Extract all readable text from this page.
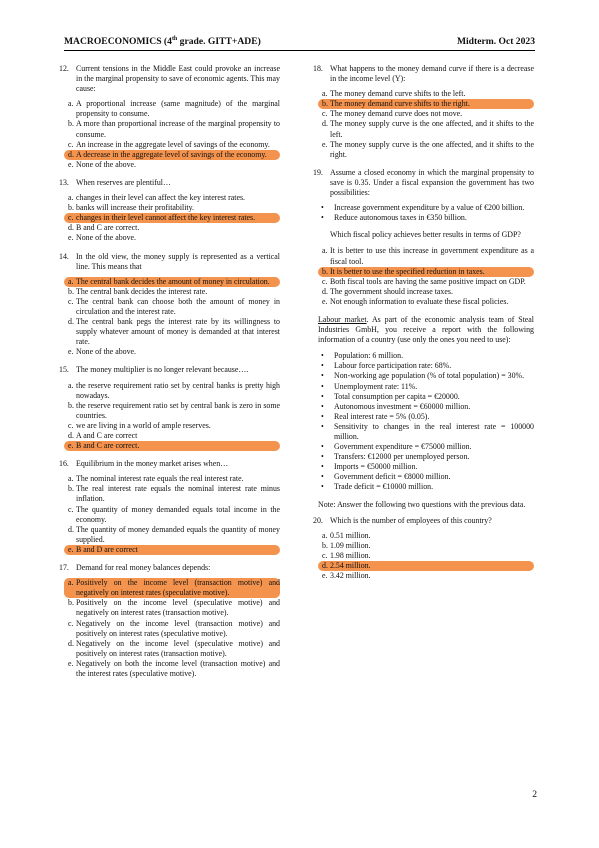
MACROECONOMICS (4th grade. GITT+ADE)	Midterm. Oct 2023
12. Current tensions in the Middle East could provoke an increase in the marginal propensity to save of economic agents. This may cause:
a. A proportional increase (same magnitude) of the marginal propensity to consume.
b. A more than proportional increase of the marginal propensity to consume.
c. An increase in the aggregate level of savings of the economy.
d. A decrease in the aggregate level of savings of the economy.
e. None of the above.
13. When reserves are plentiful…
a. changes in their level can affect the key interest rates.
b. banks will increase their profitability.
c. changes in their level cannot affect the key interest rates.
d. B and C are correct.
e. None of the above.
14. In the old view, the money supply is represented as a vertical line. This means that
a. The central bank decides the amount of money in circulation.
b. The central bank decides the interest rate.
c. The central bank can choose both the amount of money in circulation and the interest rate.
d. The central bank pegs the interest rate by its willingness to supply whatever amount of money is demanded at that interest rate.
e. None of the above.
15. The money multiplier is no longer relevant because….
a. the reserve requirement ratio set by central banks is pretty high nowadays.
b. the reserve requirement ratio set by central bank is zero in some countries.
c. we are living in a world of ample reserves.
d. A and C are correct
e. B and C are correct.
16. Equilibrium in the money market arises when…
a. The nominal interest rate equals the real interest rate.
b. The real interest rate equals the nominal interest rate minus inflation.
c. The quantity of money demanded equals total income in the economy.
d. The quantity of money demanded equals the quantity of money supplied.
e. B and D are correct
17. Demand for real money balances depends:
a. Positively on the income level (transaction motive) and negatively on interest rates (speculative motive).
b. Positively on the income level (speculative motive) and negatively on interest rates (transaction motive).
c. Negatively on the income level (transaction motive) and positively on interest rates (speculative motive).
d. Negatively on the income level (speculative motive) and positively on interest rates (transaction motive).
e. Negatively on both the income level (transaction motive) and the interest rates (speculative motive).
18. What happens to the money demand curve if there is a decrease in the income level (Y):
a. The money demand curve shifts to the left.
b. The money demand curve shifts to the right.
c. The money demand curve does not move.
d. The money supply curve is the one affected, and it shifts to the left.
e. The money supply curve is the one affected, and it shifts to the right.
19. Assume a closed economy in which the marginal propensity to save is 0.35. Under a fiscal expansion the government has two possibilities:
• Increase government expenditure by a value of €200 billion.
• Reduce autonomous taxes in €350 billion.
Which fiscal policy achieves better results in terms of GDP?
a. It is better to use this increase in government expenditure as a fiscal tool.
b. It is better to use the specified reduction in taxes.
c. Both fiscal tools are having the same positive impact on GDP.
d. The government should increase taxes.
e. Not enough information to evaluate these fiscal policies.
Labour market. As part of the economic analysis team of Steal Industries GmbH, you receive a report with the following information of a country (use only the ones you need to use):
• Population: 6 million.
• Labour force participation rate: 68%.
• Non-working age population (% of total population) = 30%.
• Unemployment rate: 11%.
• Total consumption per capita = €20000.
• Autonomous investment = €60000 million.
• Real interest rate = 5% (0.05).
• Sensitivity to changes in the real interest rate = 100000 million.
• Government expenditure = €75000 million.
• Transfers: €12000 per unemployed person.
• Imports = €50000 million.
• Government deficit = €8000 million.
• Trade deficit = €10000 million.
Note: Answer the following two questions with the previous data.
20. Which is the number of employees of this country?
a. 0.51 million.
b. 1.09 million.
c. 1.98 million.
d. 2.54 million.
e. 3.42 million.
2
